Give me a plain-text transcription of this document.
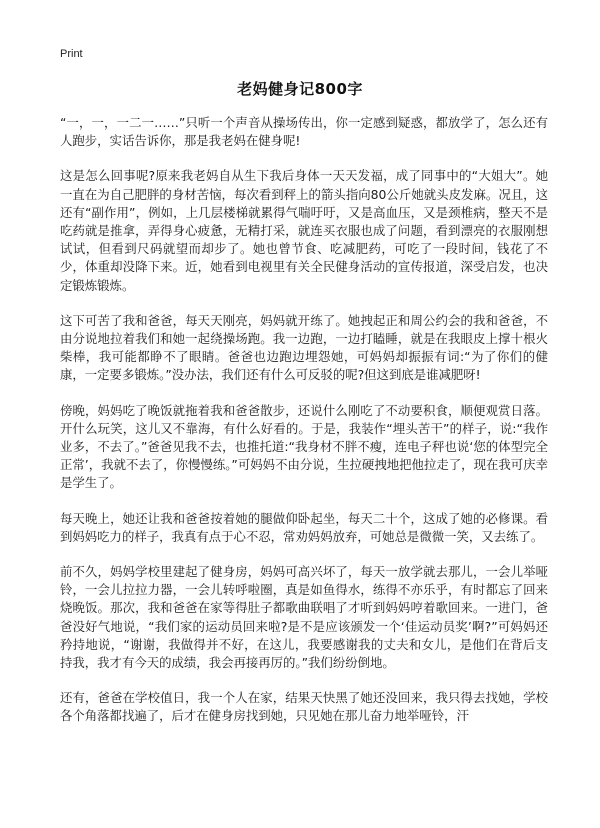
Print
老妈健身记800字

“一，一，一二一……”只听一个声音从操场传出，你一定感到疑惑，都放学了，怎么还有人跑步，实话告诉你，那是我老妈在健身呢!

这是怎么回事呢?原来我老妈自从生下我后身体一天天发福，成了同事中的“大姐大”。她一直在为自己肥胖的身材苦恼，每次看到秤上的箭头指向80公斤她就头皮发麻。况且，这还有“副作用”，例如，上几层楼梯就累得气喘吁吁，又是高血压，又是颈椎病，整天不是吃药就是推拿，弄得身心疲惫，无精打采，就连买衣服也成了问题，看到漂亮的衣服刚想试试，但看到尺码就望而却步了。她也曾节食、吃减肥药，可吃了一段时间，钱花了不少，体重却没降下来。近，她看到电视里有关全民健身活动的宣传报道，深受启发，也决定锻炼锻炼。

这下可苦了我和爸爸，每天天刚亮，妈妈就开练了。她拽起正和周公约会的我和爸爸，不由分说地拉着我们和她一起绕操场跑。我一边跑，一边打瞌睡，就是在我眼皮上撑十根火柴棒，我可能都睁不了眼睛。爸爸也边跑边埋怨她，可妈妈却振振有词:“为了你们的健康，一定要多锻炼。”没办法，我们还有什么可反驳的呢?但这到底是谁减肥呀!

傍晚，妈妈吃了晚饭就拖着我和爸爸散步，还说什么刚吃了不动要积食，顺便观赏日落。开什么玩笑，这儿又不靠海，有什么好看的。于是，我装作“埋头苦干”的样子，说:“我作业多，不去了。”爸爸见我不去，也推托道:“我身材不胖不瘦，连电子秤也说‘您的体型完全正常’，我就不去了，你慢慢练。”可妈妈不由分说，生拉硬拽地把他拉走了，现在我可庆幸是学生了。

每天晚上，她还让我和爸爸按着她的腿做仰卧起坐，每天二十个，这成了她的必修课。看到妈妈吃力的样子，我真有点于心不忍，常劝妈妈放弃，可她总是微微一笑，又去练了。

前不久，妈妈学校里建起了健身房，妈妈可高兴坏了，每天一放学就去那儿，一会儿举哑铃，一会儿拉拉力器，一会儿转呼啦圈，真是如鱼得水，练得不亦乐乎，有时都忘了回来烧晚饭。那次，我和爸爸在家等得肚子都歌曲联唱了才听到妈妈哼着歌回来。一进门，爸爸没好气地说，“我们家的运动员回来啦?是不是应该颁发一个‘佳运动员奖’啊?”可妈妈还矜持地说，“谢谢，我做得并不好，在这儿，我要感谢我的丈夫和女儿，是他们在背后支持我，我才有今天的成绩，我会再接再厉的。”我们纷纷倒地。

还有，爸爸在学校值日，我一个人在家，结果天快黑了她还没回来，我只得去找她，学校各个角落都找遍了，后才在健身房找到她，只见她在那儿奋力地举哑铃，汗
